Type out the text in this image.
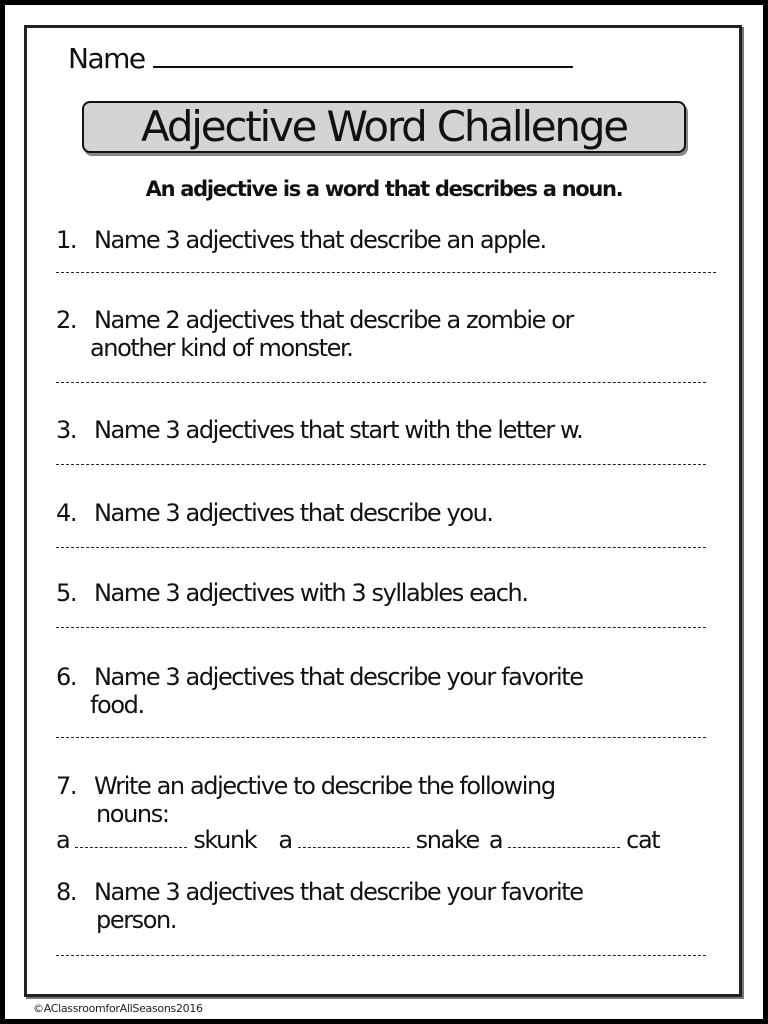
Name
Adjective Word Challenge
An adjective is a word that describes a noun.
1. Name 3 adjectives that describe an apple.
2. Name 2 adjectives that describe a zombie or
another kind of monster.
3. Name 3 adjectives that start with the letter w.
4. Name 3 adjectives that describe you.
5. Name 3 adjectives with 3 syllables each.
6. Name 3 adjectives that describe your favorite
food.
7. Write an adjective to describe the following
nouns:
a	skunk a	snake a	cat
8. Name 3 adjectives that describe your favorite
person.
©AClassroomforAllSeasons2016
